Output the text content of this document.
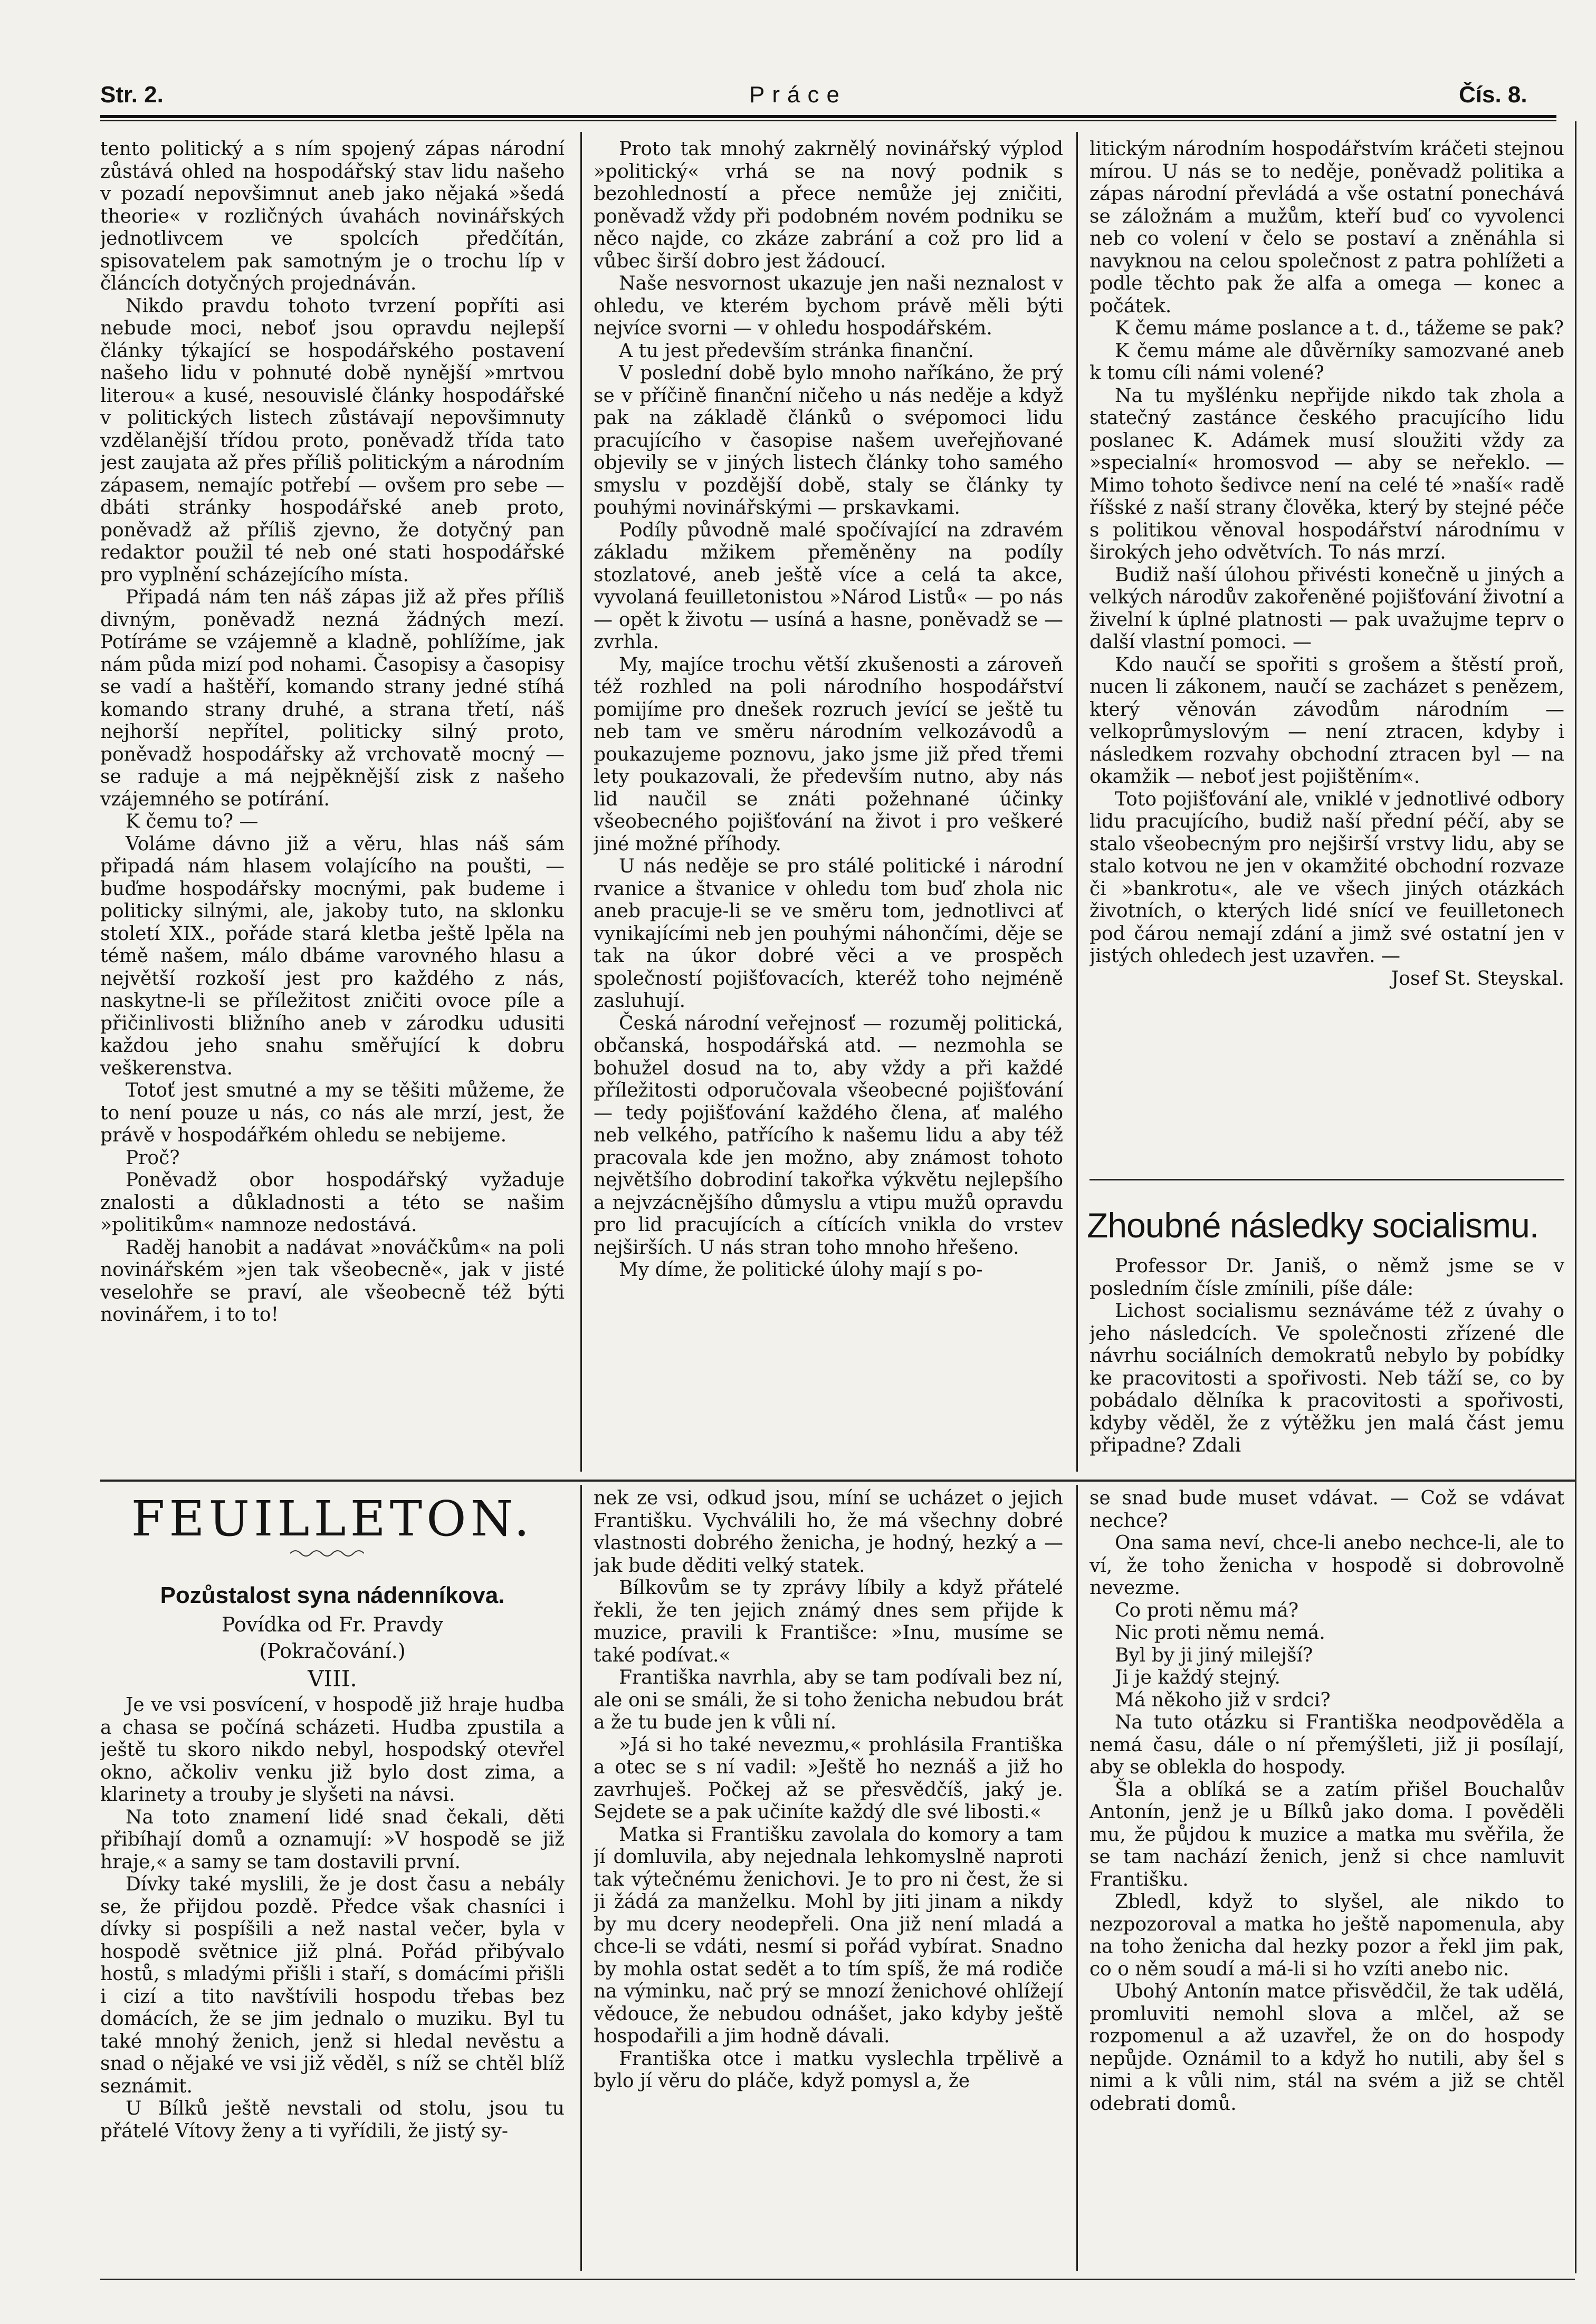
Str. 2.	Práce	Čís. 8.

tento politický a s ním spojený zápas národní zůstává ohled na hospodářský stav lidu našeho v pozadí nepovšimnut aneb jako nějaká »šedá theorie« v rozličných úvahách novinářských jednotlivcem ve spolcích předčítán, spisovatelem pak samotným je o trochu líp v článcích dotyčných projednáván.

Nikdo pravdu tohoto tvrzení popříti asi nebude moci, neboť jsou opravdu nejlepší články týkající se hospodářského postavení našeho lidu v pohnuté době nynější »mrtvou literou« a kusé, nesouvislé články hospodářské v politických listech zůstávají nepovšimnuty vzdělanější třídou proto, poněvadž třída tato jest zaujata až přes příliš politickým a národním zápasem, nemajíc potřebí — ovšem pro sebe — dbáti stránky hospodářské aneb proto, poněvadž až příliš zjevno, že dotyčný pan redaktor použil té neb oné stati hospodářské pro vyplnění scházejícího místa.

Připadá nám ten náš zápas již až přes příliš divným, poněvadž nezná žádných mezí. Potíráme se vzájemně a kladně, pohlížíme, jak nám půda mizí pod nohami. Časopisy a časopisy se vadí a haštěří, komando strany jedné stíhá komando strany druhé, a strana třetí, náš nejhorší nepřítel, politicky silný proto, poněvadž hospodářsky až vrchovatě mocný — se raduje a má nejpěknější zisk z našeho vzájemného se potírání.

K čemu to? —

Voláme dávno již a věru, hlas náš sám připadá nám hlasem volajícího na poušti, — buďme hospodářsky mocnými, pak budeme i politicky silnými, ale, jakoby tuto, na sklonku století XIX., pořáde stará kletba ještě lpěla na témě našem, málo dbáme varovného hlasu a největší rozkoší jest pro každého z nás, naskytne-li se příležitost zničiti ovoce píle a přičinlivosti bližního aneb v zárodku udusiti každou jeho snahu směřující k dobru veškerenstva.

Totoť jest smutné a my se těšiti můžeme, že to není pouze u nás, co nás ale mrzí, jest, že právě v hospodářkém ohledu se nebijeme.

Proč?

Poněvadž obor hospodářský vyžaduje znalosti a důkladnosti a této se našim »politikům« namnoze nedostává.

Raděj hanobit a nadávat »nováčkům« na poli novinářském »jen tak všeobecně«, jak v jisté veselohře se praví, ale všeobecně též býti novinářem, i to to!

Proto tak mnohý zakrnělý novinářský výplod »politický« vrhá se na nový podnik s bezohledností a přece nemůže jej zničiti, poněvadž vždy při podobném novém podniku se něco najde, co zkáze zabrání a což pro lid a vůbec širší dobro jest žádoucí.

Naše nesvornost ukazuje jen naši neznalost v ohledu, ve kterém bychom právě měli býti nejvíce svorni — v ohledu hospodářském.

A tu jest především stránka finanční.

V poslední době bylo mnoho naříkáno, že prý se v příčině finanční ničeho u nás neděje a když pak na základě článků o svépomoci lidu pracujícího v časopise našem uveřejňované objevily se v jiných listech články toho samého smyslu v pozdější době, staly se články ty pouhými novinářskými — prskavkami.

Podíly původně malé spočívající na zdravém základu mžikem přeměněny na podíly stozlatové, aneb ještě více a celá ta akce, vyvolaná feuilletonistou »Národ Listů« — po nás — opět k životu — usíná a hasne, poněvadž se — zvrhla.

My, majíce trochu větší zkušenosti a zároveň též rozhled na poli národního hospodářství pomijíme pro dnešek rozruch jevící se ještě tu neb tam ve směru národním velkozávodů a poukazujeme poznovu, jako jsme již před třemi lety poukazovali, že především nutno, aby nás lid naučil se znáti požehnané účinky všeobecného pojišťování na život i pro veškeré jiné možné příhody.

U nás neděje se pro stálé politické i národní rvanice a štvanice v ohledu tom buď zhola nic aneb pracuje-li se ve směru tom, jednotlivci ať vynikajícími neb jen pouhými náhončími, děje se tak na úkor dobré věci a ve prospěch společností pojišťovacích, kteréž toho nejméně zasluhují.

Česká národní veřejnosť — rozuměj politická, občanská, hospodářská atd. — nezmohla se bohužel dosud na to, aby vždy a při každé příležitosti odporučovala všeobecné pojišťování — tedy pojišťování každého člena, ať malého neb velkého, patřícího k našemu lidu a aby též pracovala kde jen možno, aby známost tohoto největšího dobrodiní takořka výkvětu nejlepšího a nejvzácnějšího důmyslu a vtipu mužů opravdu pro lid pracujících a cítících vnikla do vrstev nejširších. U nás stran toho mnoho hřešeno.

My díme, že politické úlohy mají s po-

litickým národním hospodářstvím kráčeti stejnou mírou. U nás se to neděje, poněvadž politika a zápas národní převládá a vše ostatní ponechává se záložnám a mužům, kteří buď co vyvolenci neb co volení v čelo se postaví a zněnáhla si navyknou na celou společnost z patra pohlížeti a podle těchto pak že alfa a omega — konec a počátek.

K čemu máme poslance a t. d., tážeme se pak?

K čemu máme ale důvěrníky samozvané aneb k tomu cíli námi volené?

Na tu myšlénku nepřijde nikdo tak zhola a statečný zastánce českého pracujícího lidu poslanec K. Adámek musí sloužiti vždy za »specialní« hromosvod — aby se neřeklo. — Mimo tohoto šedivce není na celé té »naší« radě říšské z naší strany člověka, který by stejné péče s politikou věnoval hospodářství národnímu v širokých jeho odvětvích. To nás mrzí.

Budiž naší úlohou přivésti konečně u jiných a velkých národův zakořeněné pojišťování životní a živelní k úplné platnosti — pak uvažujme teprv o další vlastní pomoci. —

Kdo naučí se spořiti s grošem a štěstí proň, nucen li zákonem, naučí se zacházet s penězem, který věnován závodům národním — velkoprůmyslovým — není ztracen, kdyby i následkem rozvahy obchodní ztracen byl — na okamžik — neboť jest pojištěním«.

Toto pojišťování ale, vniklé v jednotlivé odbory lidu pracujícího, budiž naší přední péčí, aby se stalo všeobecným pro nejširší vrstvy lidu, aby se stalo kotvou ne jen v okamžité obchodní rozvaze či »bankrotu«, ale ve všech jiných otázkách životních, o kterých lidé snící ve feuilletonech pod čárou nemají zdání a jimž své ostatní jen v jistých ohledech jest uzavřen. —

Josef St. Steyskal.

Zhoubné následky socialismu.

Professor Dr. Janiš, o němž jsme se v posledním čísle zmínili, píše dále:

Lichost socialismu seznáváme též z úvahy o jeho následcích. Ve společnosti zřízené dle návrhu sociálních demokratů nebylo by pobídky ke pracovitosti a spořivosti. Neb táží se, co by pobádalo dělníka k pracovitosti a spořivosti, kdyby věděl, že z výtěžku jen malá část jemu připadne? Zdali

FEUILLETON.
Pozůstalost syna nádenníkova.
Povídka od Fr. Pravdy
(Pokračování.)
VIII.

Je ve vsi posvícení, v hospodě již hraje hudba a chasa se počíná scházeti. Hudba zpustila a ještě tu skoro nikdo nebyl, hospodský otevřel okno, ačkoliv venku již bylo dost zima, a klarinety a trouby je slyšeti na návsi.

Na toto znamení lidé snad čekali, děti přibíhají domů a oznamují: »V hospodě se již hraje,« a samy se tam dostavili první.

Dívky také myslili, že je dost času a nebály se, že přijdou pozdě. Předce však chasníci i dívky si pospíšili a než nastal večer, byla v hospodě světnice již plná. Pořád přibývalo hostů, s mladými přišli i staří, s domácími přišli i cizí a tito navštívili hospodu třebas bez domácích, že se jim jednalo o muziku. Byl tu také mnohý ženich, jenž si hledal nevěstu a snad o nějaké ve vsi již věděl, s níž se chtěl blíž seznámit.

U Bílků ještě nevstali od stolu, jsou tu přátelé Vítovy ženy a ti vyřídili, že jistý sy-

nek ze vsi, odkud jsou, míní se ucházet o jejich Františku. Vychválili ho, že má všechny dobré vlastnosti dobrého ženicha, je hodný, hezký a — jak bude děditi velký statek.

Bílkovům se ty zprávy líbily a když přátelé řekli, že ten jejich známý dnes sem přijde k muzice, pravili k Františce: »Inu, musíme se také podívat.«

Františka navrhla, aby se tam podívali bez ní, ale oni se smáli, že si toho ženicha nebudou brát a že tu bude jen k vůli ní.

»Já si ho také nevezmu,« prohlásila Františka a otec se s ní vadil: »Ještě ho neznáš a již ho zavrhuješ. Počkej až se přesvědčíš, jaký je. Sejdete se a pak učiníte každý dle své libosti.«

Matka si Františku zavolala do komory a tam jí domluvila, aby nejednala lehkomyslně naproti tak výtečnému ženichovi. Je to pro ni čest, že si ji žádá za manželku. Mohl by jiti jinam a nikdy by mu dcery neodepřeli. Ona již není mladá a chce-li se vdáti, nesmí si pořád vybírat. Snadno by mohla ostat sedět a to tím spíš, že má rodiče na výminku, nač prý se mnozí ženichové ohlížejí vědouce, že nebudou odnášet, jako kdyby ještě hospodařili a jim hodně dávali.

Františka otce i matku vyslechla trpělivě a bylo jí věru do pláče, když pomysl a, že

se snad bude muset vdávat. — Což se vdávat nechce?

Ona sama neví, chce-li anebo nechce-li, ale to ví, že toho ženicha v hospodě si dobrovolně nevezme.

Co proti němu má?

Nic proti němu nemá.

Byl by ji jiný milejší?

Ji je každý stejný.

Má někoho již v srdci?

Na tuto otázku si Františka neodpověděla a nemá času, dále o ní přemýšleti, již ji posílají, aby se oblekla do hospody.

Šla a oblíká se a zatím přišel Bouchalův Antonín, jenž je u Bílků jako doma. I pověděli mu, že půjdou k muzice a matka mu svěřila, že se tam nachází ženich, jenž si chce namluvit Františku.

Zbledl, když to slyšel, ale nikdo to nezpozoroval a matka ho ještě napomenula, aby na toho ženicha dal hezky pozor a řekl jim pak, co o něm soudí a má-li si ho vzíti anebo nic.

Ubohý Antonín matce přisvědčil, že tak udělá, promluviti nemohl slova a mlčel, až se rozpomenul a až uzavřel, že on do hospody nepůjde. Oznámil to a když ho nutili, aby šel s nimi a k vůli nim, stál na svém a již se chtěl odebrati domů.
